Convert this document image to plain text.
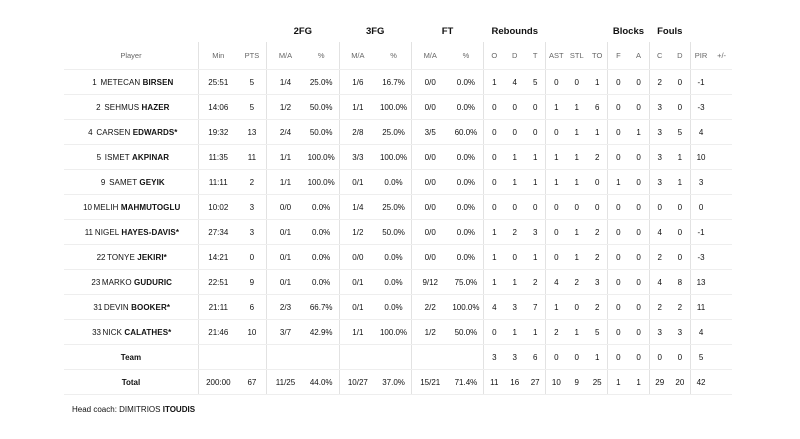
			2FG		3FG		FT		Rebounds						Blocks		Fouls			
Player	Min	PTS	M/A	%	M/A	%	M/A	%	O	D	T	AST	STL	TO	F	A	C	D	PIR	+/-
1 METECAN BIRSEN	25:51	5	1/4	25.0%	1/6	16.7%	0/0	0.0%	1	4	5	0	0	1	0	0	2	0	-1	
2 SEHMUS HAZER	14:06	5	1/2	50.0%	1/1	100.0%	0/0	0.0%	0	0	0	1	1	6	0	0	3	0	-3	
4 CARSEN EDWARDS*	19:32	13	2/4	50.0%	2/8	25.0%	3/5	60.0%	0	0	0	0	1	1	0	1	3	5	4	
5 ISMET AKPINAR	11:35	11	1/1	100.0%	3/3	100.0%	0/0	0.0%	0	1	1	1	1	2	0	0	3	1	10	
9 SAMET GEYIK	11:11	2	1/1	100.0%	0/1	0.0%	0/0	0.0%	0	1	1	1	1	0	1	0	3	1	3	
10 MELIH MAHMUTOGLU	10:02	3	0/0	0.0%	1/4	25.0%	0/0	0.0%	0	0	0	0	0	0	0	0	0	0	0	
11 NIGEL HAYES-DAVIS*	27:34	3	0/1	0.0%	1/2	50.0%	0/0	0.0%	1	2	3	0	1	2	0	0	4	0	-1	
22 TONYE JEKIRI*	14:21	0	0/1	0.0%	0/0	0.0%	0/0	0.0%	1	0	1	0	1	2	0	0	2	0	-3	
23 MARKO GUDURIC	22:51	9	0/1	0.0%	0/1	0.0%	9/12	75.0%	1	1	2	4	2	3	0	0	4	8	13	
31 DEVIN BOOKER*	21:11	6	2/3	66.7%	0/1	0.0%	2/2	100.0%	4	3	7	1	0	2	0	0	2	2	11	
33 NICK CALATHES*	21:46	10	3/7	42.9%	1/1	100.0%	1/2	50.0%	0	1	1	2	1	5	0	0	3	3	4	
Team									3	3	6	0	0	1	0	0	0	0	5	
Total	200:00	67	11/25	44.0%	10/27	37.0%	15/21	71.4%	11	16	27	10	9	25	1	1	29	20	42	
Head coach: DIMITRIOS ITOUDIS
